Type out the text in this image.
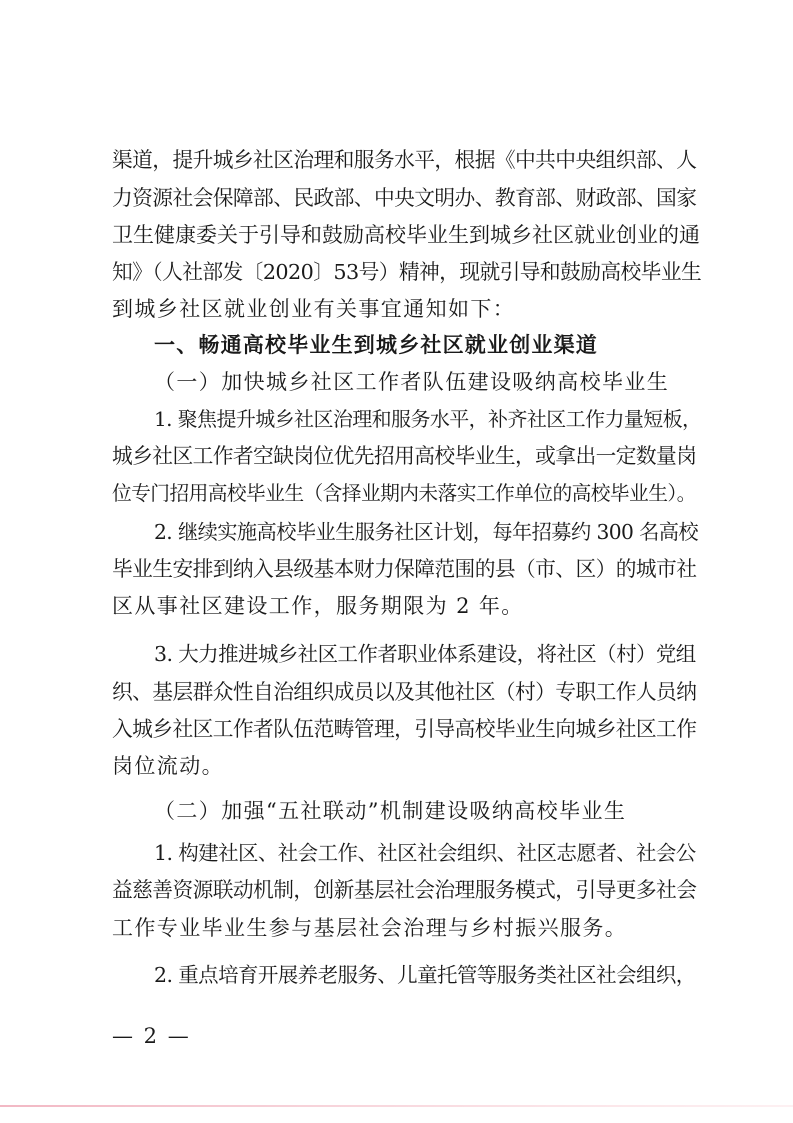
渠道，提升城乡社区治理和服务水平，根据《中共中央组织部、人
力资源社会保障部、民政部、中央文明办、教育部、财政部、国家
卫生健康委关于引导和鼓励高校毕业生到城乡社区就业创业的通
知》（人社部发〔2020〕53号）精神，现就引导和鼓励高校毕业生
到城乡社区就业创业有关事宜通知如下：
一、畅通高校毕业生到城乡社区就业创业渠道
（一）加快城乡社区工作者队伍建设吸纳高校毕业生
1. 聚焦提升城乡社区治理和服务水平，补齐社区工作力量短板，
城乡社区工作者空缺岗位优先招用高校毕业生，或拿出一定数量岗
位专门招用高校毕业生（含择业期内未落实工作单位的高校毕业生）。
2. 继续实施高校毕业生服务社区计划，每年招募约 300 名高校
毕业生安排到纳入县级基本财力保障范围的县（市、区）的城市社
区从事社区建设工作，服务期限为 2 年。
3. 大力推进城乡社区工作者职业体系建设，将社区（村）党组
织、基层群众性自治组织成员以及其他社区（村）专职工作人员纳
入城乡社区工作者队伍范畴管理，引导高校毕业生向城乡社区工作
岗位流动。
（二）加强“五社联动”机制建设吸纳高校毕业生
1. 构建社区、社会工作、社区社会组织、社区志愿者、社会公
益慈善资源联动机制，创新基层社会治理服务模式，引导更多社会
工作专业毕业生参与基层社会治理与乡村振兴服务。
2. 重点培育开展养老服务、儿童托管等服务类社区社会组织，
— 2 —
